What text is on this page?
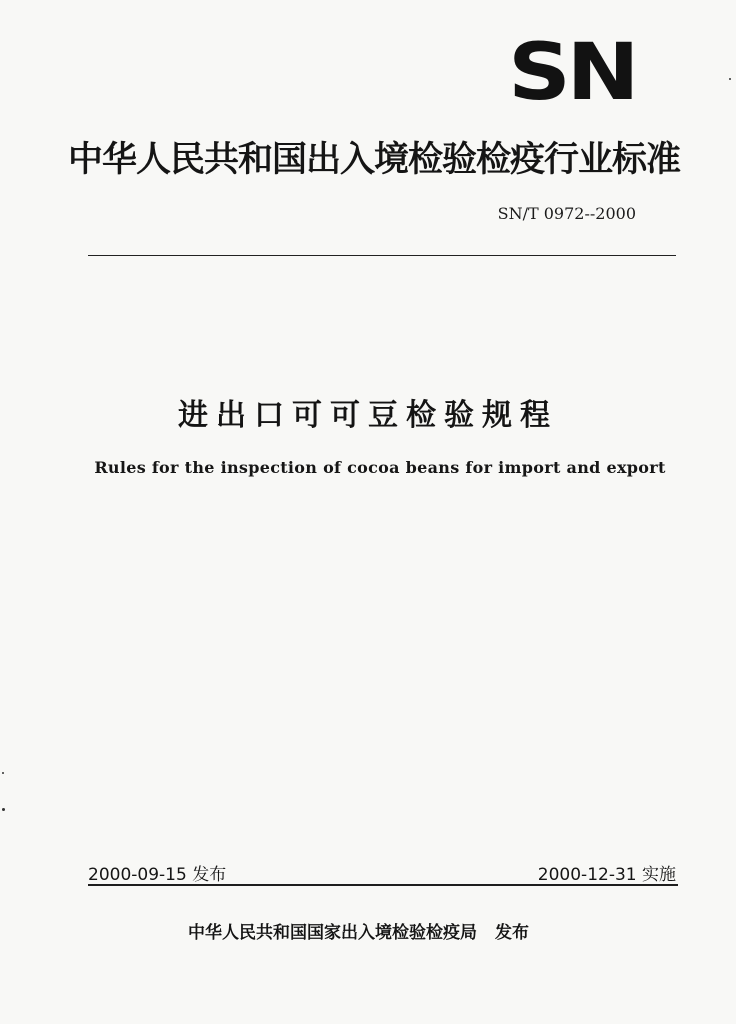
SN
中华人民共和国出入境检验检疫行业标准
SN/T 0972--2000
进出口可可豆检验规程
Rules for the inspection of cocoa beans for import and export
2000-09-15 发布	2000-12-31 实施
中华人民共和国国家出入境检验检疫局 发布
